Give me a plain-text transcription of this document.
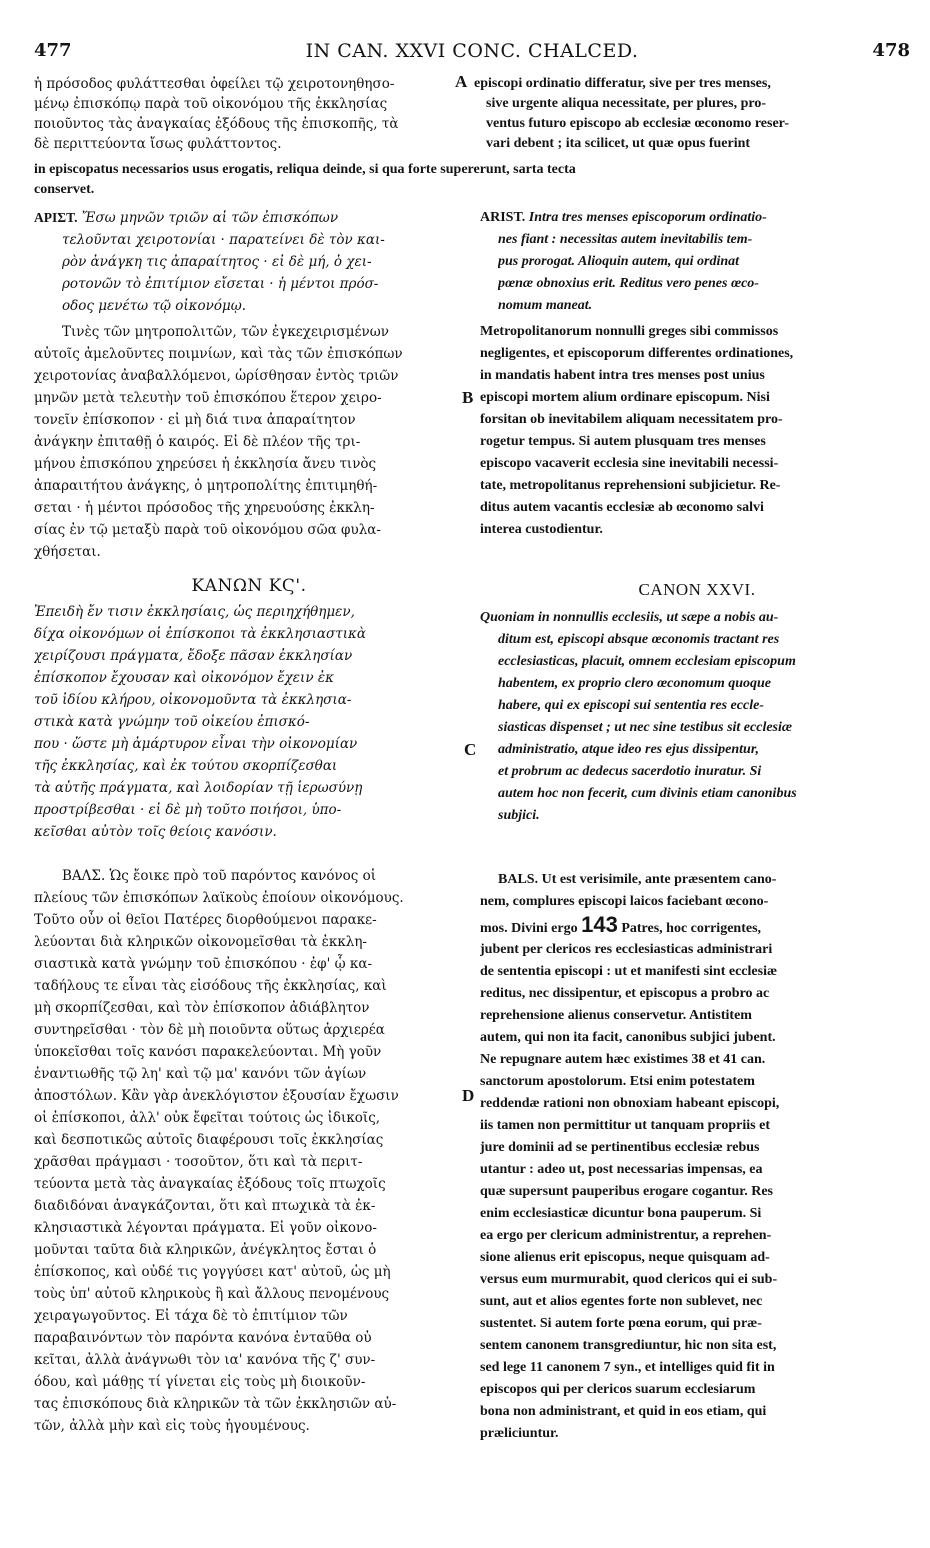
477	IN CAN. XXVI CONC. CHALCED.	478

ἡ πρόσοδος φυλάττεσθαι ὀφείλει τῷ χειροτονηθησο-

μένῳ ἐπισκόπῳ παρὰ τοῦ οἰκονόμου τῆς ἐκκλησίας

ποιοῦντος τὰς ἀναγκαίας ἐξόδους τῆς ἐπισκοπῆς, τὰ

δὲ περιττεύοντα ἴσως φυλάττοντος.

episcopi ordinatio differatur, sive per tres menses,

sive urgente aliqua necessitate, per plures, pro-

ventus futuro episcopo ab ecclesiæ œconomo reser-

vari debent ; ita scilicet, ut quæ opus fuerint

in episcopatus necessarios usus erogatis, reliqua deinde, si qua forte supererunt, sarta tecta

conservet.

ΑΡΙΣΤ. Ἔσω μηνῶν τριῶν αἱ τῶν ἐπισκόπων

τελοῦνται χειροτονίαι · παρατείνει δὲ τὸν και-

ρὸν ἀνάγκη τις ἀπαραίτητος · εἰ δὲ μή, ὁ χει-

ροτονῶν τὸ ἐπιτίμιον εἴσεται · ἡ μέντοι πρόσ-

οδος μενέτω τῷ οἰκονόμῳ.

ARIST. Intra tres menses episcoporum ordinatio-

nes fiant : necessitas autem inevitabilis tem-

pus prorogat. Alioquin autem, qui ordinat

pœnæ obnoxius erit. Reditus vero penes œco-

nomum maneat.

Τινὲς τῶν μητροπολιτῶν, τῶν ἐγκεχειρισμένων

αὐτοῖς ἀμελοῦντες ποιμνίων, καὶ τὰς τῶν ἐπισκόπων

χειροτονίας ἀναβαλλόμενοι, ὡρίσθησαν ἐντὸς τριῶν

μηνῶν μετὰ τελευτὴν τοῦ ἐπισκόπου ἕτερον χειρο-

τονεῖν ἐπίσκοπον · εἰ μὴ διά τινα ἀπαραίτητον

ἀνάγκην ἐπιταθῇ ὁ καιρός. Εἰ δὲ πλέον τῆς τρι-

μήνου ἐπισκόπου χηρεύσει ἡ ἐκκλησία ἄνευ τινὸς

ἀπαραιτήτου ἀνάγκης, ὁ μητροπολίτης ἐπιτιμηθή-

σεται · ἡ μέντοι πρόσοδος τῆς χηρευούσης ἐκκλη-

σίας ἐν τῷ μεταξὺ παρὰ τοῦ οἰκονόμου σῶα φυλα-

χθήσεται.

Metropolitanorum nonnulli greges sibi commissos

negligentes, et episcoporum differentes ordinationes,

in mandatis habent intra tres menses post unius

episcopi mortem alium ordinare episcopum. Nisi

forsitan ob inevitabilem aliquam necessitatem pro-

rogetur tempus. Si autem plusquam tres menses

episcopo vacaverit ecclesia sine inevitabili necessi-

tate, metropolitanus reprehensioni subjicietur. Re-

ditus autem vacantis ecclesiæ ab œconomo salvi

interea custodientur.

ΚΑΝΩΝ ΚϚ'.	CANON XXVI.

Ἐπειδὴ ἔν τισιν ἐκκλησίαις, ὡς περιηχήθημεν,

δίχα οἰκονόμων οἱ ἐπίσκοποι τὰ ἐκκλησιαστικὰ

χειρίζουσι πράγματα, ἔδοξε πᾶσαν ἐκκλησίαν

ἐπίσκοπον ἔχουσαν καὶ οἰκονόμον ἔχειν ἐκ

τοῦ ἰδίου κλήρου, οἰκονομοῦντα τὰ ἐκκλησια-

στικὰ κατὰ γνώμην τοῦ οἰκείου ἐπισκό-

που · ὥστε μὴ ἀμάρτυρον εἶναι τὴν οἰκονομίαν

τῆς ἐκκλησίας, καὶ ἐκ τούτου σκορπίζεσθαι

τὰ αὐτῆς πράγματα, καὶ λοιδορίαν τῇ ἱερωσύνῃ

προστρίβεσθαι · εἰ δὲ μὴ τοῦτο ποιήσοι, ὑπο-

κεῖσθαι αὐτὸν τοῖς θείοις κανόσιν.

Quoniam in nonnullis ecclesiis, ut sæpe a nobis au-

ditum est, episcopi absque œconomis tractant res

ecclesiasticas, placuit, omnem ecclesiam episcopum

habentem, ex proprio clero œconomum quoque

habere, qui ex episcopi sui sententia res eccle-

siasticas dispenset ; ut nec sine testibus sit ecclesiæ

administratio, atque ideo res ejus dissipentur,

et probrum ac dedecus sacerdotio inuratur. Si

autem hoc non fecerit, cum divinis etiam canonibus

subjici.

ΒΑΛΣ. Ὡς ἔοικε πρὸ τοῦ παρόντος κανόνος οἱ

πλείους τῶν ἐπισκόπων λαϊκοὺς ἐποίουν οἰκονόμους.

Τοῦτο οὖν οἱ θεῖοι Πατέρες διορθούμενοι παρακε-

λεύονται διὰ κληρικῶν οἰκονομεῖσθαι τὰ ἐκκλη-

σιαστικὰ κατὰ γνώμην τοῦ ἐπισκόπου · ἐφ' ᾧ κα-

ταδήλους τε εἶναι τὰς εἰσόδους τῆς ἐκκλησίας, καὶ

μὴ σκορπίζεσθαι, καὶ τὸν ἐπίσκοπον ἀδιάβλητον

συντηρεῖσθαι · τὸν δὲ μὴ ποιοῦντα οὕτως ἀρχιερέα

ὑποκεῖσθαι τοῖς κανόσι παρακελεύονται. Μὴ γοῦν

ἐναντιωθῆς τῷ λη' καὶ τῷ μα' κανόνι τῶν ἁγίων

ἀποστόλων. Κἂν γὰρ ἀνεκλόγιστον ἐξουσίαν ἔχωσιν

οἱ ἐπίσκοποι, ἀλλ' οὐκ ἔφεῖται τούτοις ὡς ἰδικοῖς,

καὶ δεσποτικῶς αὐτοῖς διαφέρουσι τοῖς ἐκκλησίας

χρᾶσθαι πράγμασι · τοσοῦτον, ὅτι καὶ τὰ περιτ-

τεύοντα μετὰ τὰς ἀναγκαίας ἐξόδους τοῖς πτωχοῖς

διαδιδόναι ἀναγκάζονται, ὅτι καὶ πτωχικὰ τὰ ἐκ-

κλησιαστικὰ λέγονται πράγματα. Εἰ γοῦν οἰκονο-

μοῦνται ταῦτα διὰ κληρικῶν, ἀνέγκλητος ἔσται ὁ

ἐπίσκοπος, καὶ οὐδέ τις γογγύσει κατ' αὐτοῦ, ὡς μὴ

τοὺς ὑπ' αὐτοῦ κληρικοὺς ἢ καὶ ἄλλους πενομένους

χειραγωγοῦντος. Εἰ τάχα δὲ τὸ ἐπιτίμιον τῶν

παραβαινόντων τὸν παρόντα κανόνα ἐνταῦθα οὐ

κεῖται, ἀλλὰ ἀνάγνωθι τὸν ια' κανόνα τῆς ζ' συν-

όδου, καὶ μάθῃς τί γίνεται εἰς τοὺς μὴ διοικοῦν-

τας ἐπισκόπους διὰ κληρικῶν τὰ τῶν ἐκκλησιῶν αὐ-

τῶν, ἀλλὰ μὴν καὶ εἰς τοὺς ἡγουμένους.

BALS. Ut est verisimile, ante præsentem cano-

nem, complures episcopi laicos faciebant œcono-

mos. Divini ergo 143 Patres, hoc corrigentes,

jubent per clericos res ecclesiasticas administrari

de sententia episcopi : ut et manifesti sint ecclesiæ

reditus, nec dissipentur, et episcopus a probro ac

reprehensione alienus conservetur. Antistitem

autem, qui non ita facit, canonibus subjici jubent.

Ne repugnare autem hæc existimes 38 et 41 can.

sanctorum apostolorum. Etsi enim potestatem

reddendæ rationi non obnoxiam habeant episcopi,

iis tamen non permittitur ut tanquam propriis et

jure dominii ad se pertinentibus ecclesiæ rebus

utantur : adeo ut, post necessarias impensas, ea

quæ supersunt pauperibus erogare cogantur. Res

enim ecclesiasticæ dicuntur bona pauperum. Si

ea ergo per clericum administrentur, a reprehen-

sione alienus erit episcopus, neque quisquam ad-

versus eum murmurabit, quod clericos qui ei sub-

sunt, aut et alios egentes forte non sublevet, nec

sustentet. Si autem forte pœna eorum, qui præ-

sentem canonem transgrediuntur, hic non sita est,

sed lege 11 canonem 7 syn., et intelliges quid fit in

episcopos qui per clericos suarum ecclesiarum

bona non administrant, et quid in eos etiam, qui

præliciuntur.

A
B
C
D
